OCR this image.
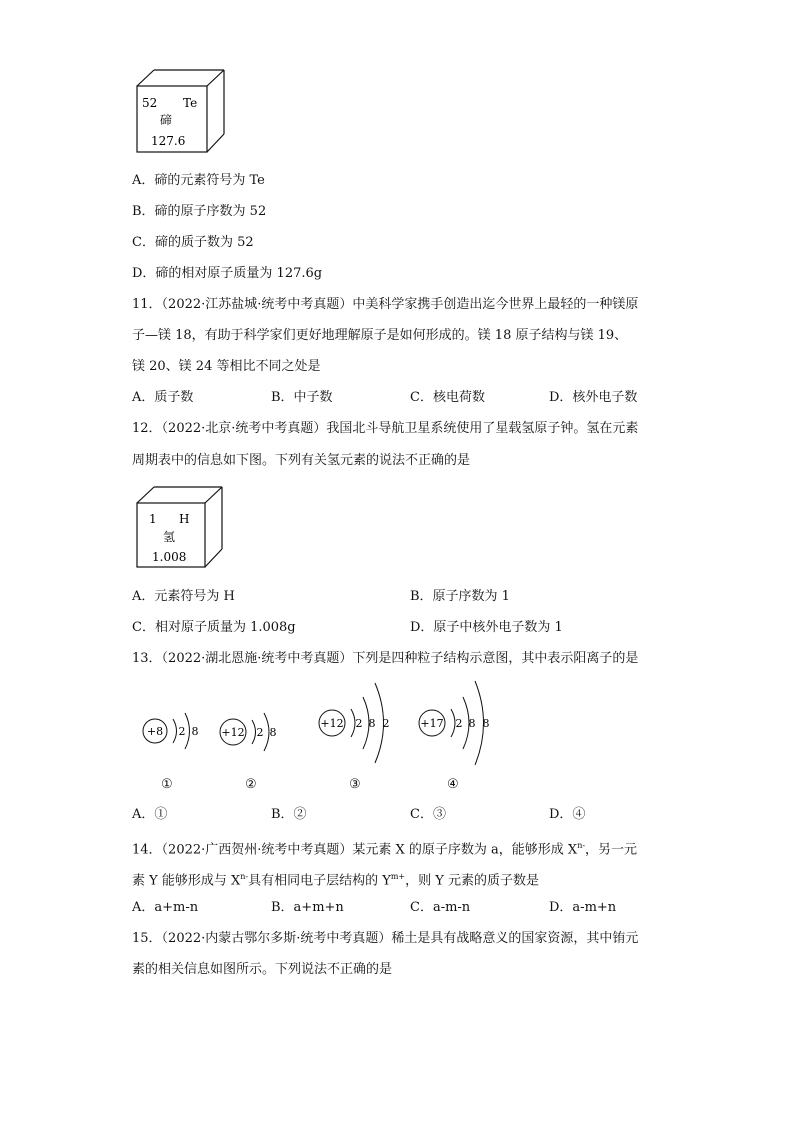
52 Te
碲
127.6
A．碲的元素符号为 Te
B．碲的原子序数为 52
C．碲的质子数为 52
D．碲的相对原子质量为 127.6g
11．（2022·江苏盐城·统考中考真题）中美科学家携手创造出迄今世界上最轻的一种镁原
子—镁 18，有助于科学家们更好地理解原子是如何形成的。镁 18 原子结构与镁 19、
镁 20、镁 24 等相比不同之处是
A．质子数	B．中子数	C．核电荷数	D．核外电子数
12．（2022·北京·统考中考真题）我国北斗导航卫星系统使用了星载氢原子钟。氢在元素
周期表中的信息如下图。下列有关氢元素的说法不正确的是
1 H
氢
1.008
A．元素符号为 H	B．原子序数为 1
C．相对原子质量为 1.008g	D．原子中核外电子数为 1
13．（2022·湖北恩施·统考中考真题）下列是四种粒子结构示意图，其中表示阳离子的是
+8 2 8 +12 2 8
+12 2 8 2	+17 2 8 8
①	②	③	④
A．①	B．②	C．③	D．④
14．（2022·广西贺州·统考中考真题）某元素 X 的原子序数为 a，能够形成 $X^{n-}$，另一元
素 Y 能够形成与 $X^{n-}$具有相同电子层结构的 $Y^{m+}$，则 Y 元素的质子数是
A．a+m-n	B．a+m+n	C．a-m-n	D．a-m+n
15．（2022·内蒙古鄂尔多斯·统考中考真题）稀土是具有战略意义的国家资源，其中铕元
素的相关信息如图所示。下列说法不正确的是
